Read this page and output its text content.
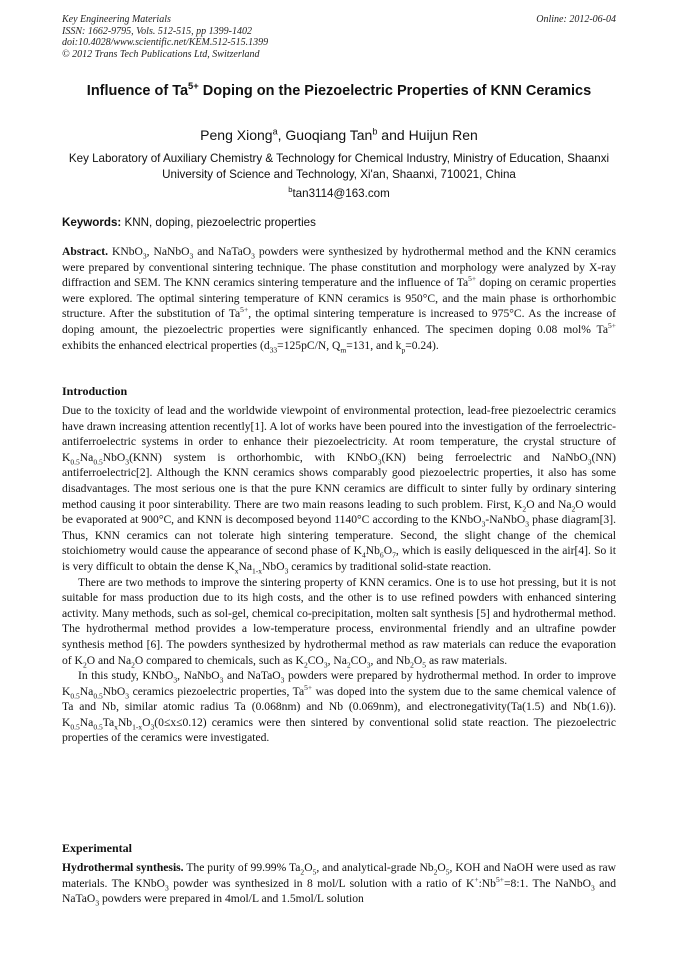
Key Engineering Materials
ISSN: 1662-9795, Vols. 512-515, pp 1399-1402
doi:10.4028/www.scientific.net/KEM.512-515.1399
© 2012 Trans Tech Publications Ltd, Switzerland
Online: 2012-06-04
Influence of $Ta^{5+}$ Doping on the Piezoelectric Properties of KNN Ceramics
Peng Xiong$^a$, Guoqiang Tan$^b$ and Huijun Ren
Key Laboratory of Auxiliary Chemistry & Technology for Chemical Industry, Ministry of Education, Shaanxi University of Science and Technology, Xi'an, Shaanxi, 710021, China
$^b$tan3114@163.com
Keywords: KNN, doping, piezoelectric properties

Abstract. KNbO$_3$, NaNbO$_3$ and NaTaO$_3$ powders were synthesized by hydrothermal method and the KNN ceramics were prepared by conventional sintering technique. The phase constitution and morphology were analyzed by X-ray diffraction and SEM. The KNN ceramics sintering temperature and the influence of $Ta^{5+}$ doping on ceramic properties were explored. The optimal sintering temperature of KNN ceramics is 950°C, and the main phase is orthorhombic structure. After the substitution of $Ta^{5+}$, the optimal sintering temperature is increased to 975°C. As the increase of doping amount, the piezoelectric properties were significantly enhanced. The specimen doping 0.08 mol% $Ta^{5+}$ exhibits the enhanced electrical properties ($d_{33}=125pC/N$, $Q_m=131$, and $k_p=0.24$).

Introduction

Due to the toxicity of lead and the worldwide viewpoint of environmental protection, lead-free piezoelectric ceramics have drawn increasing attention recently[1]. A lot of works have been poured into the investigation of the ferroelectric-antiferroelectric systems in order to enhance their piezoelectricity. At room temperature, the crystal structure of $K_{0.5}Na_{0.5}NbO_3(KNN)$ system is orthorhombic, with KNbO$_3$(KN) being ferroelectric and NaNbO$_3$(NN) antiferroelectric[2]. Although the KNN ceramics shows comparably good piezoelectric properties, it also has some disadvantages. The most serious one is that the pure KNN ceramics are difficult to sinter fully by ordinary sintering method causing it poor sinterability. There are two main reasons leading to such problem. First, $K_2O$ and $Na_2O$ would be evaporated at 900°C, and KNN is decomposed beyond 1140°C according to the KNbO$_3$-NaNbO$_3$ phase diagram[3]. Thus, KNN ceramics can not tolerate high sintering temperature. Second, the slight change of the chemical stoichiometry would cause the appearance of second phase of $K_4Nb_6O_7$, which is easily deliquesced in the air[4]. So it is very difficult to obtain the dense $K_xNa_{1-x}NbO_3$ ceramics by traditional solid-state reaction.

There are two methods to improve the sintering property of KNN ceramics. One is to use hot pressing, but it is not suitable for mass production due to its high costs, and the other is to use refined powders with enhanced sintering activity. Many methods, such as sol-gel, chemical co-precipitation, molten salt synthesis [5] and hydrothermal method. The hydrothermal method provides a low-temperature process, environmental friendly and an ultrafine powder synthesis method [6]. The powders synthesized by hydrothermal method as raw materials can reduce the evaporation of $K_2O$ and $Na_2O$ compared to chemicals, such as $K_2CO_3$, $Na_2CO_3$, and $Nb_2O_5$ as raw materials.

In this study, KNbO$_3$, NaNbO$_3$ and NaTaO$_3$ powders were prepared by hydrothermal method. In order to improve $K_{0.5}Na_{0.5}NbO_3$ ceramics piezoelectric properties, $Ta^{5+}$ was doped into the system due to the same chemical valence of Ta and Nb, similar atomic radius Ta (0.068nm) and Nb (0.069nm), and electronegativity(Ta(1.5) and Nb(1.6)). $K_{0.5}Na_{0.5}Ta_xNb_{1-x}O_3(0\le x\le 0.12)$ ceramics were then sintered by conventional solid state reaction. The piezoelectric properties of the ceramics were investigated.

Experimental

Hydrothermal synthesis. The purity of 99.99% $Ta_2O_5$, and analytical-grade $Nb_2O_5$, KOH and NaOH were used as raw materials. The KNbO$_3$ powder was synthesized in 8 mol/L solution with a ratio of $K^+:Nb^{5+}=8:1$. The NaNbO$_3$ and NaTaO$_3$ powders were prepared in 4mol/L and 1.5mol/L solution
